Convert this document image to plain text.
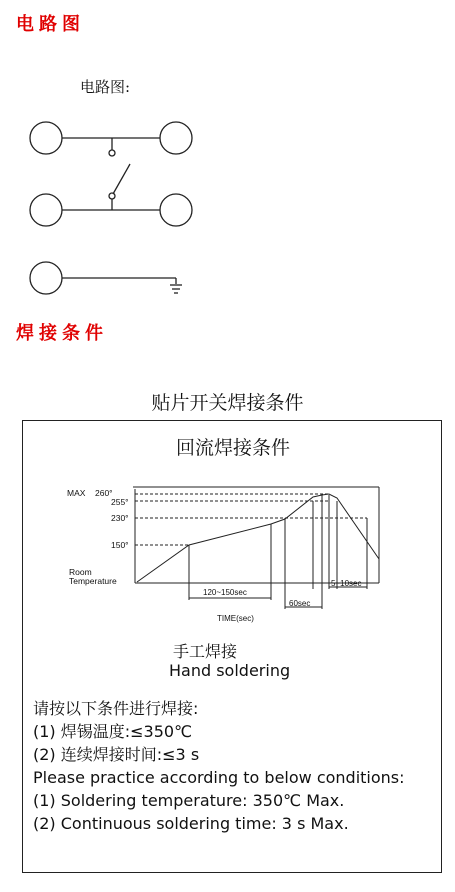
电路图
电路图:
焊接条件
贴片开关焊接条件
回流焊接条件
MAX 260°
255°
230°
150°
Room
Temperature
120~150sec
60sec
5~10sec
TIME(sec)
手工焊接
Hand soldering
请按以下条件进行焊接:
(1) 焊锡温度:≤350℃
(2) 连续焊接时间:≤3 s
Please practice according to below conditions:
(1) Soldering temperature: 350℃ Max.
(2) Continuous soldering time: 3 s Max.
